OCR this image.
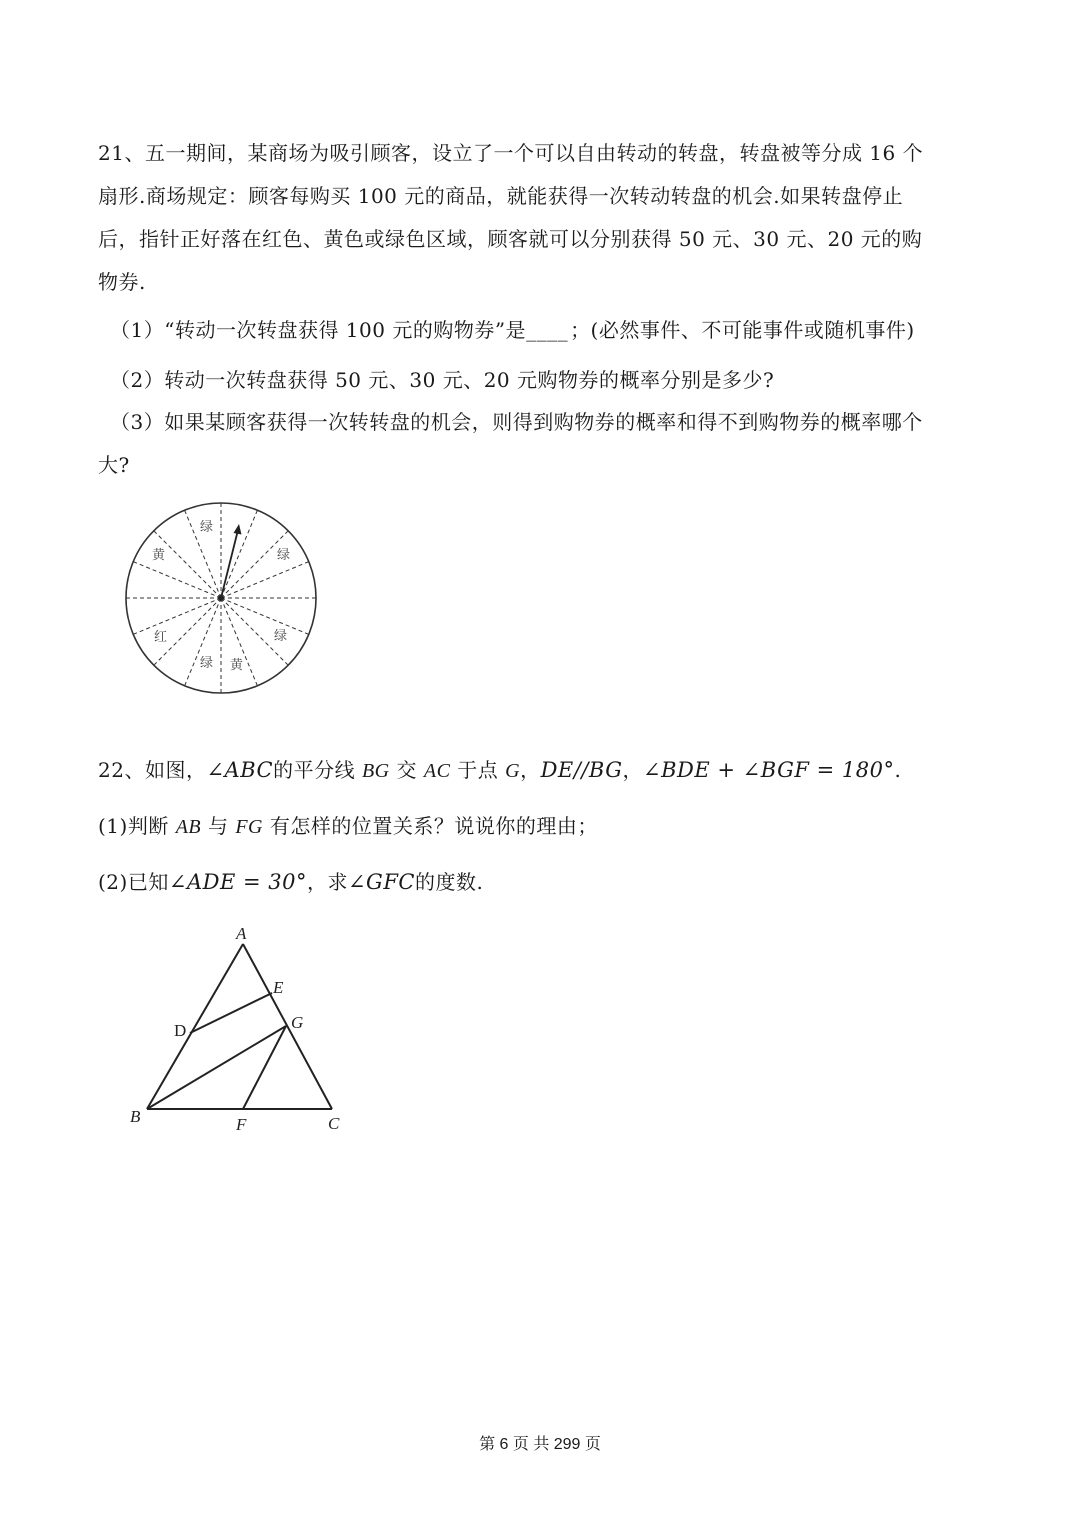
21、五一期间，某商场为吸引顾客，设立了一个可以自由转动的转盘，转盘被等分成 16 个
扇形.商场规定：顾客每购买 100 元的商品，就能获得一次转动转盘的机会.如果转盘停止
后，指针正好落在红色、黄色或绿色区域，顾客就可以分别获得 50 元、30 元、20 元的购
物券.
（1）“转动一次转盘获得 100 元的购物券”是____ ；(必然事件、不可能事件或随机事件)
（2）转动一次转盘获得 50 元、30 元、20 元购物券的概率分别是多少?
（3）如果某顾客获得一次转转盘的机会，则得到购物券的概率和得不到购物券的概率哪个
大?
绿
黄	绿
红	绿
绿 黄
22、如图，∠ABC的平分线 BG 交 AC 于点 G，DE//BG，∠BDE + ∠BGF = 180°.
(1)判断 AB 与 FG 有怎样的位置关系？说说你的理由；
(2)已知∠ADE = 30°，求∠GFC的度数.
A
E
D	G
B	F	C
第 6 页 共 299 页
